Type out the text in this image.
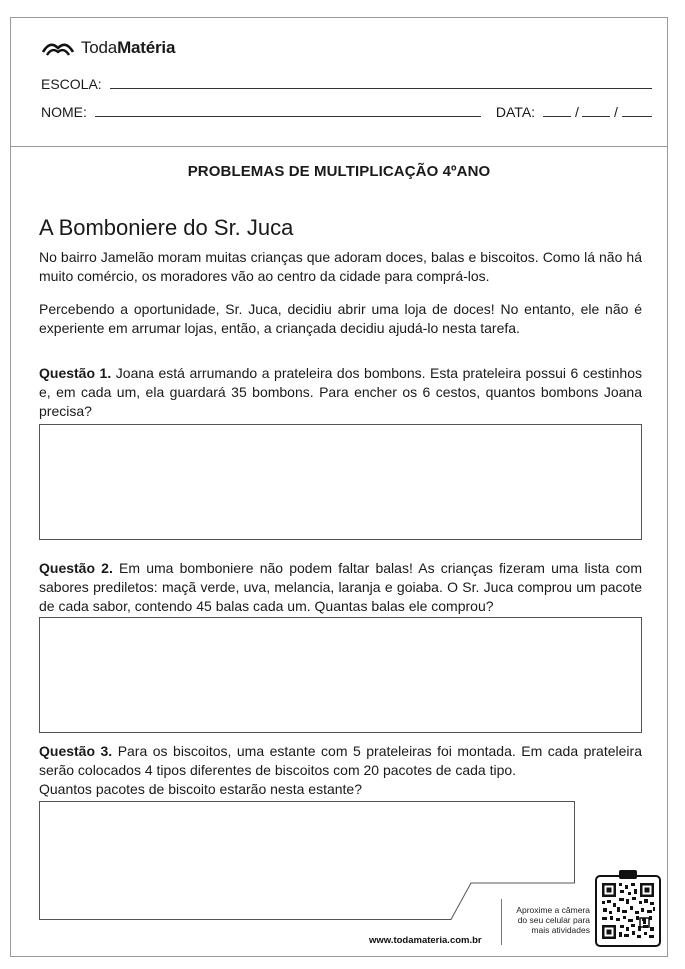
TodaMatéria
ESCOLA:
NOME:	DATA:	/	/
PROBLEMAS DE MULTIPLICAÇÃO 4ºANO
A Bomboniere do Sr. Juca
No bairro Jamelão moram muitas crianças que adoram doces, balas e biscoitos. Como lá não há muito comércio, os moradores vão ao centro da cidade para comprá-los.
Percebendo a oportunidade, Sr. Juca, decidiu abrir uma loja de doces! No entanto, ele não é experiente em arrumar lojas, então, a criançada decidiu ajudá-lo nesta tarefa.
Questão 1. Joana está arrumando a prateleira dos bombons. Esta prateleira possui 6 cestinhos e, em cada um, ela guardará 35 bombons. Para encher os 6 cestos, quantos bombons Joana precisa?
Questão 2. Em uma bomboniere não podem faltar balas! As crianças fizeram uma lista com sabores prediletos: maçã verde, uva, melancia, laranja e goiaba. O Sr. Juca comprou um pacote de cada sabor, contendo 45 balas cada um. Quantas balas ele comprou?
Questão 3. Para os biscoitos, uma estante com 5 prateleiras foi montada. Em cada prateleira serão colocados 4 tipos diferentes de biscoitos com 20 pacotes de cada tipo.
Quantos pacotes de biscoito estarão nesta estante?
Aproxime a câmera do seu celular para mais atividades
www.todamateria.com.br
